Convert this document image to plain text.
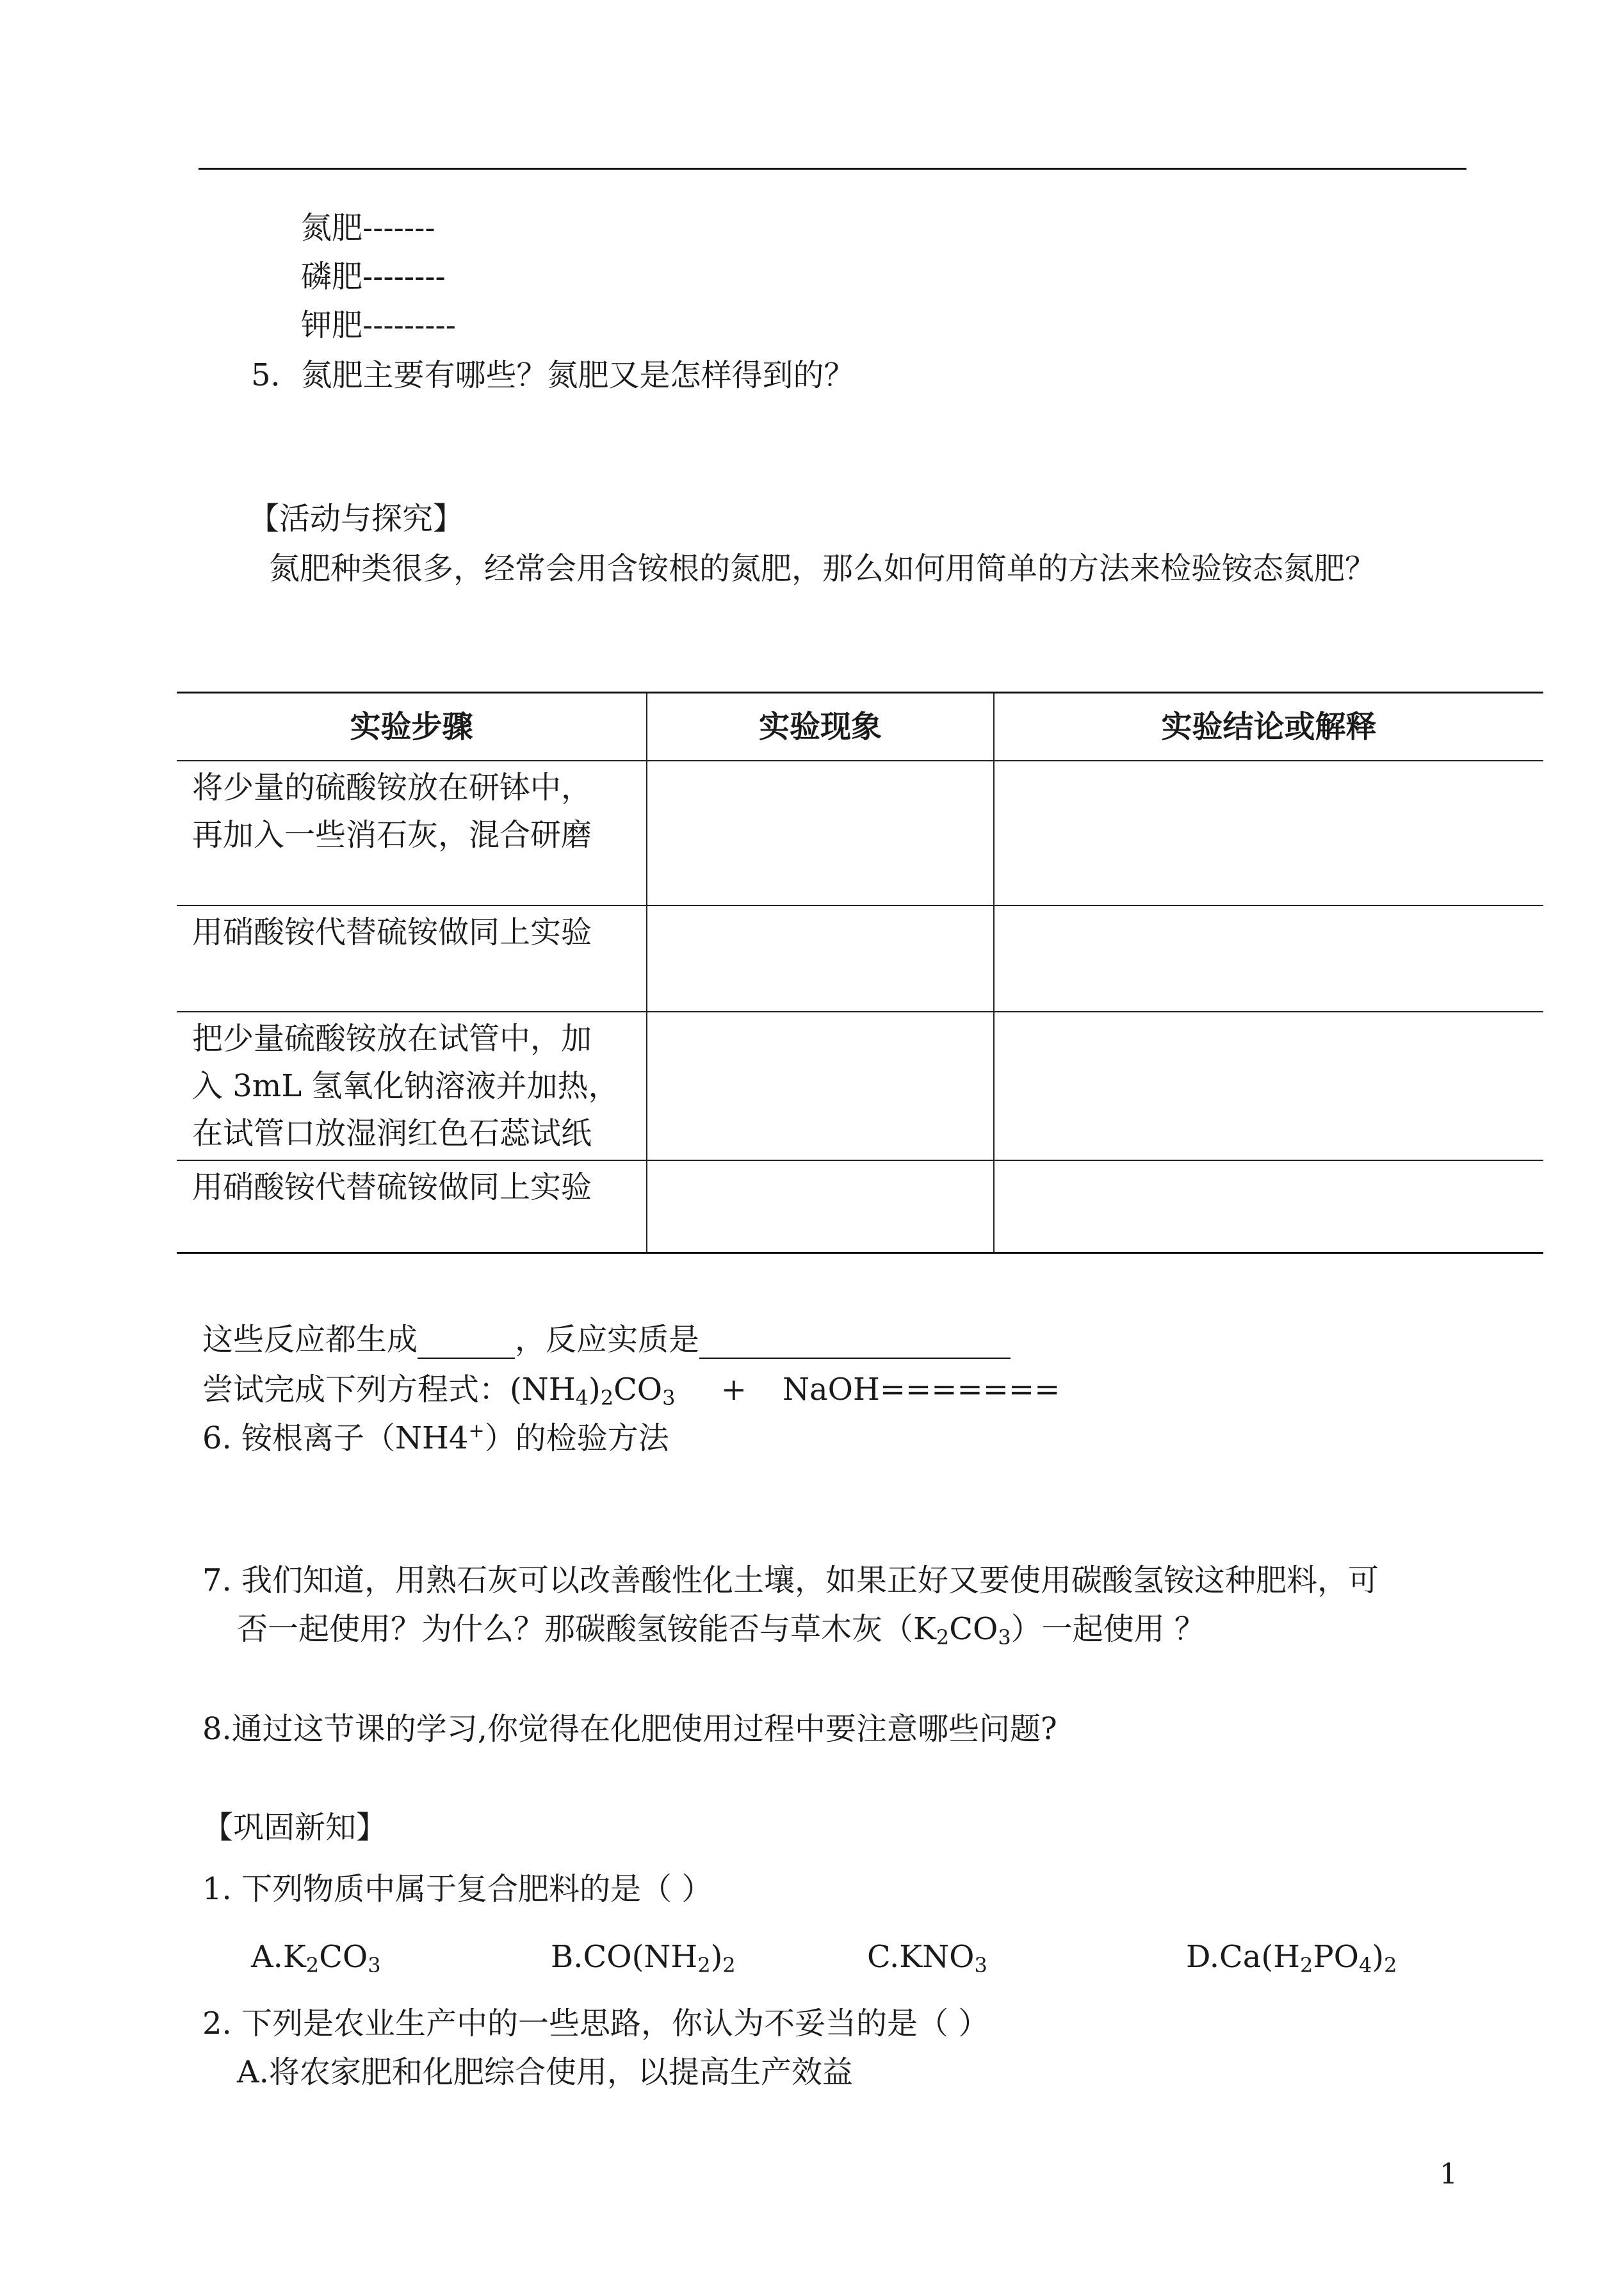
氮肥-------
磷肥--------
钾肥---------
5．氮肥主要有哪些？氮肥又是怎样得到的？
【活动与探究】
氮肥种类很多，经常会用含铵根的氮肥，那么如何用简单的方法来检验铵态氮肥？
实验步骤	实验现象	实验结论或解释

将少量的硫酸铵放在研钵中，
再加入一些消石灰，混合研磨		

用硝酸铵代替硫铵做同上实验		

把少量硫酸铵放在试管中，加
入 3mL 氢氧化钠溶液并加热，
在试管口放湿润红色石蕊试纸		

用硝酸铵代替硫铵做同上实验		

这些反应都生成	，反应实质是
尝试完成下列方程式：$(NH_4)_2CO_3$ + NaOH=======
6. 铵根离子（NH4+）的检验方法
7. 我们知道，用熟石灰可以改善酸性化土壤，如果正好又要使用碳酸氢铵这种肥料，可
否一起使用？为什么？那碳酸氢铵能否与草木灰$(K_2CO_3)$一起使用 ？
8.通过这节课的学习,你觉得在化肥使用过程中要注意哪些问题?
【巩固新知】
1. 下列物质中属于复合肥料的是（ ）
$A.K_2CO_3$	$B.CO(NH_2)_2$	$C.KNO_3$	$D.Ca(H_2PO_4)_2$
2. 下列是农业生产中的一些思路，你认为不妥当的是（ ）
A.将农家肥和化肥综合使用，以提高生产效益
1
